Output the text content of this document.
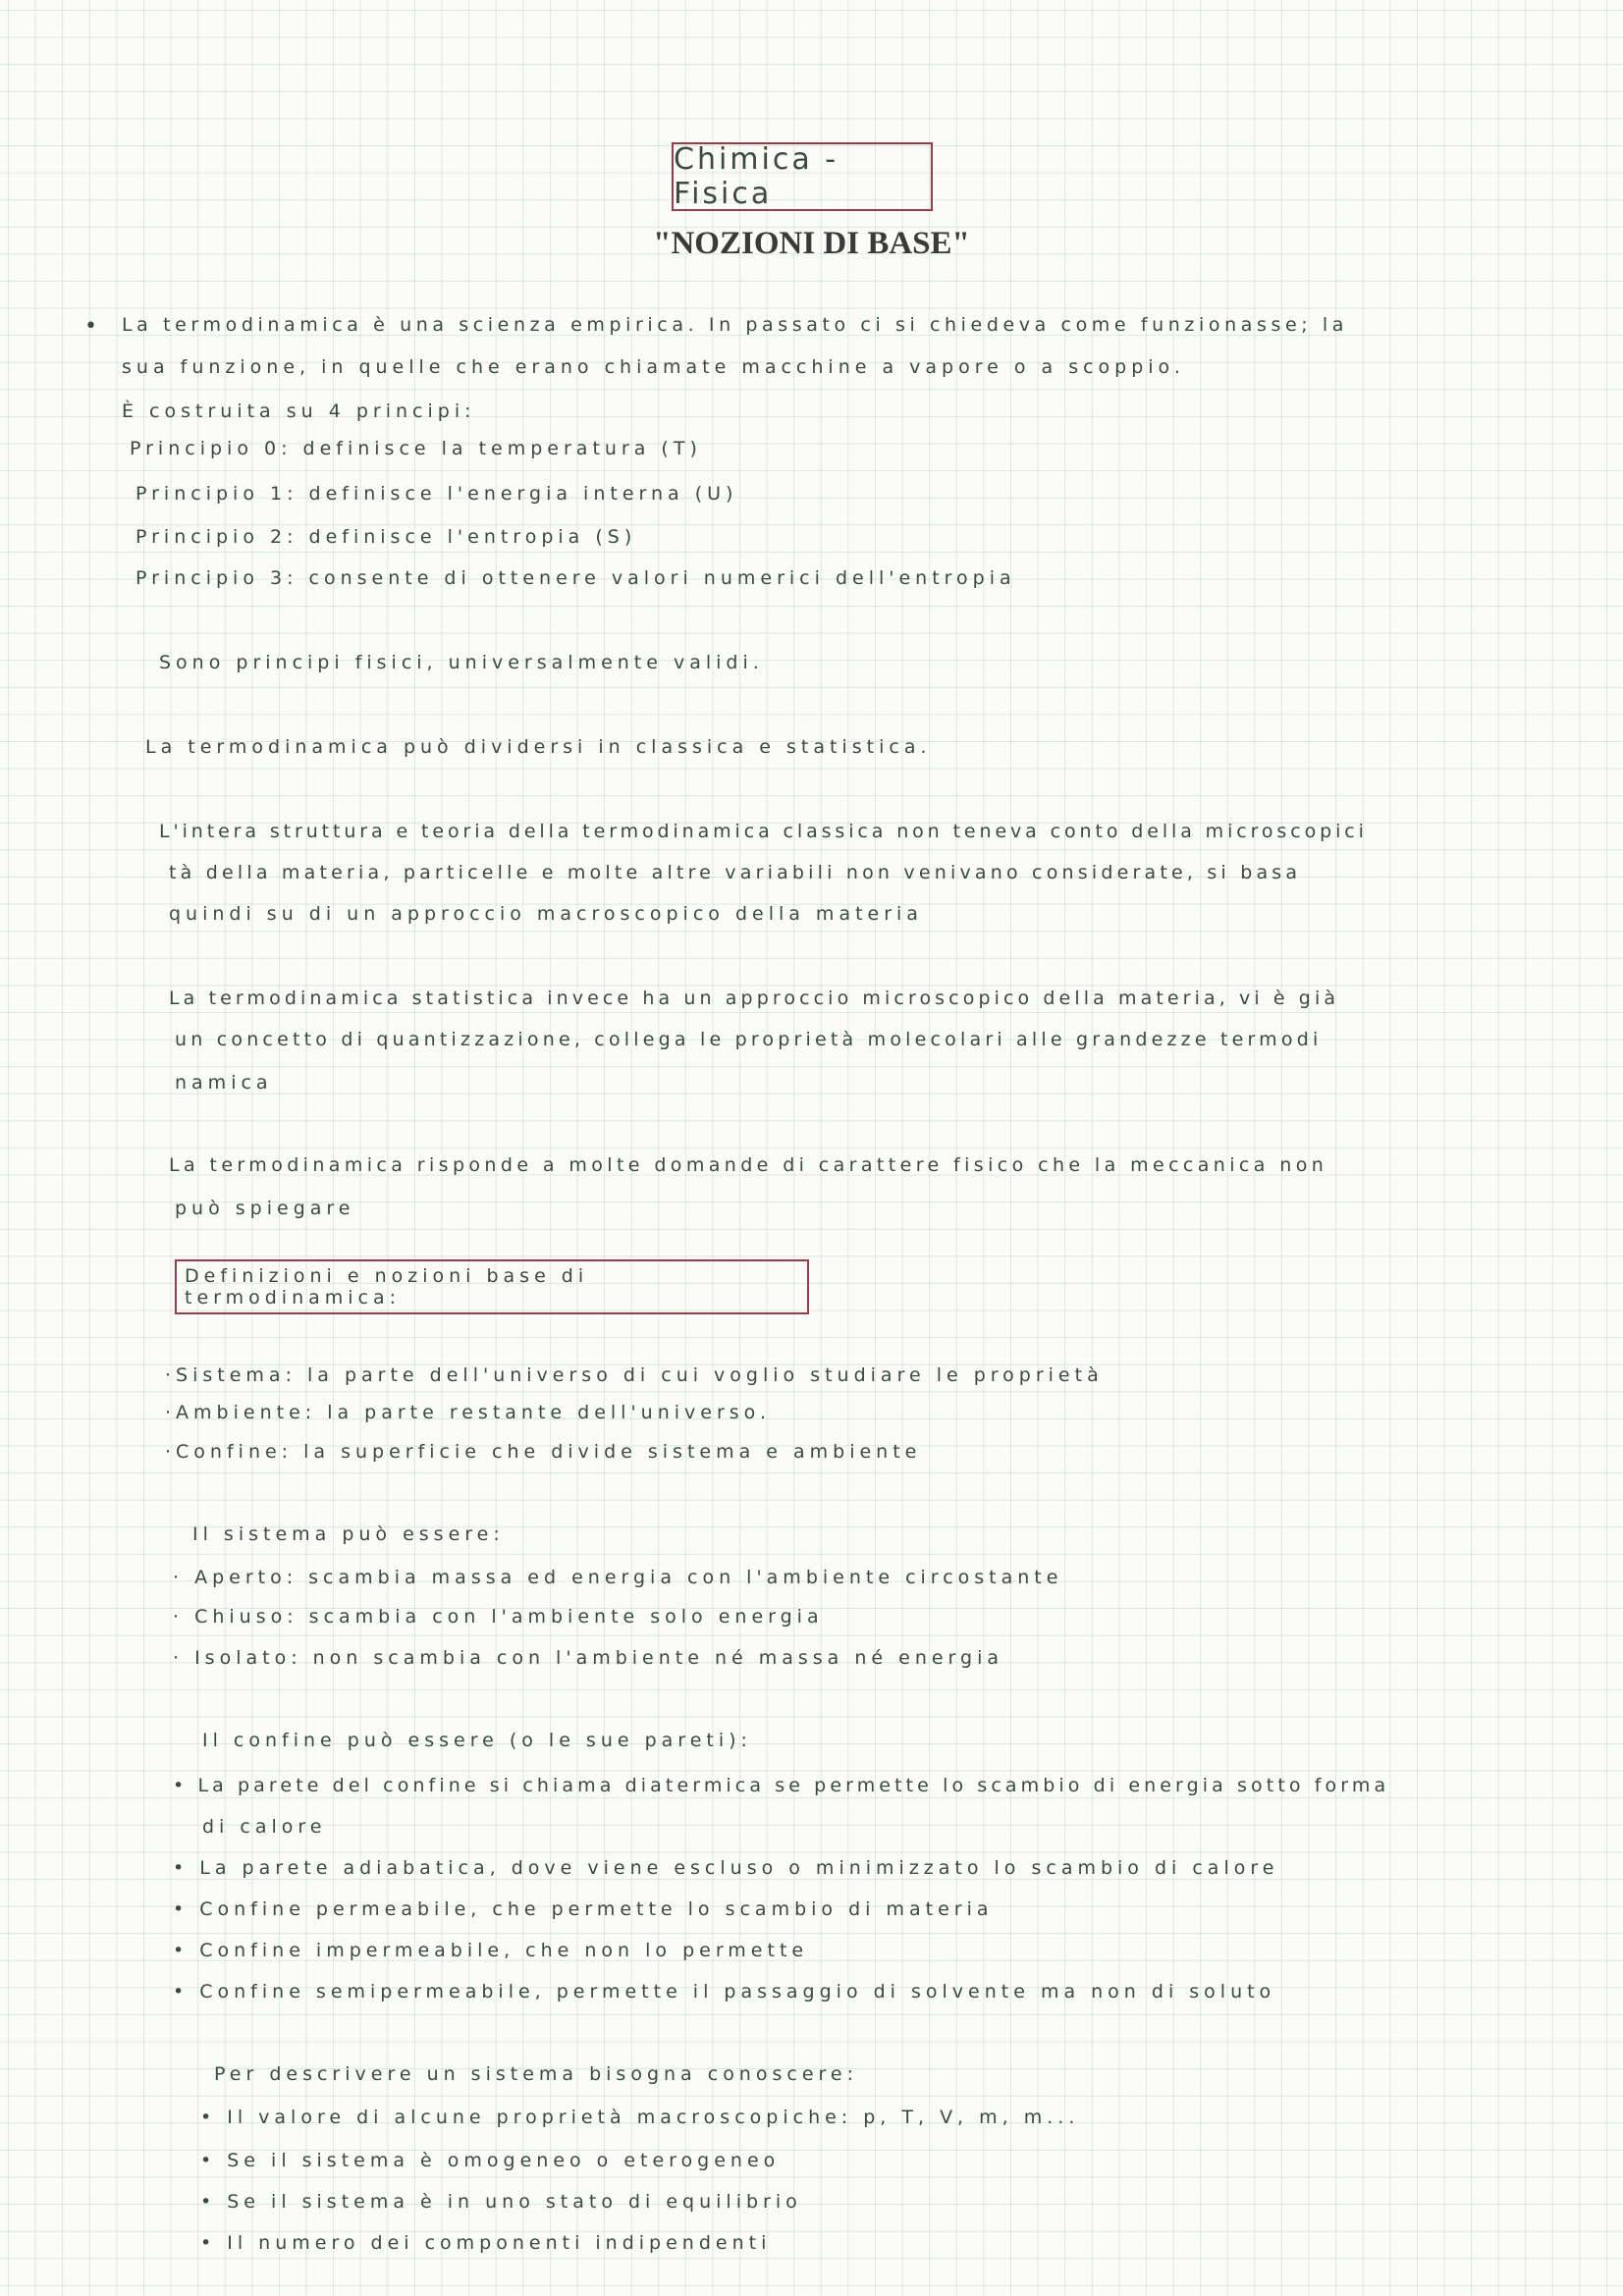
Chimica - Fisica
"NOZIONI DI BASE"
• La termodinamica è una scienza empirica. In passato ci si chiedeva come funzionasse; la
sua funzione, in quelle che erano chiamate macchine a vapore o a scoppio.
È costruita su 4 principi:
Principio 0: definisce la temperatura (T)
Principio 1: definisce l'energia interna (U)
Principio 2: definisce l'entropia (S)
Principio 3: consente di ottenere valori numerici dell'entropia
Sono principi fisici, universalmente validi.
La termodinamica può dividersi in classica e statistica.
L'intera struttura e teoria della termodinamica classica non teneva conto della microscopici
tà della materia, particelle e molte altre variabili non venivano considerate, si basa
quindi su di un approccio macroscopico della materia
La termodinamica statistica invece ha un approccio microscopico della materia, vi è già
un concetto di quantizzazione, collega le proprietà molecolari alle grandezze termodi
namica
La termodinamica risponde a molte domande di carattere fisico che la meccanica non
può spiegare
Definizioni e nozioni base di termodinamica:
·Sistema: la parte dell'universo di cui voglio studiare le proprietà
·Ambiente: la parte restante dell'universo.
·Confine: la superficie che divide sistema e ambiente
Il sistema può essere:
· Aperto: scambia massa ed energia con l'ambiente circostante
· Chiuso: scambia con l'ambiente solo energia
· Isolato: non scambia con l'ambiente né massa né energia
Il confine può essere (o le sue pareti):
• La parete del confine si chiama diatermica se permette lo scambio di energia sotto forma
di calore
• La parete adiabatica, dove viene escluso o minimizzato lo scambio di calore
• Confine permeabile, che permette lo scambio di materia
• Confine impermeabile, che non lo permette
• Confine semipermeabile, permette il passaggio di solvente ma non di soluto
Per descrivere un sistema bisogna conoscere:
• Il valore di alcune proprietà macroscopiche: p, T, V, m, m...
• Se il sistema è omogeneo o eterogeneo
• Se il sistema è in uno stato di equilibrio
• Il numero dei componenti indipendenti
